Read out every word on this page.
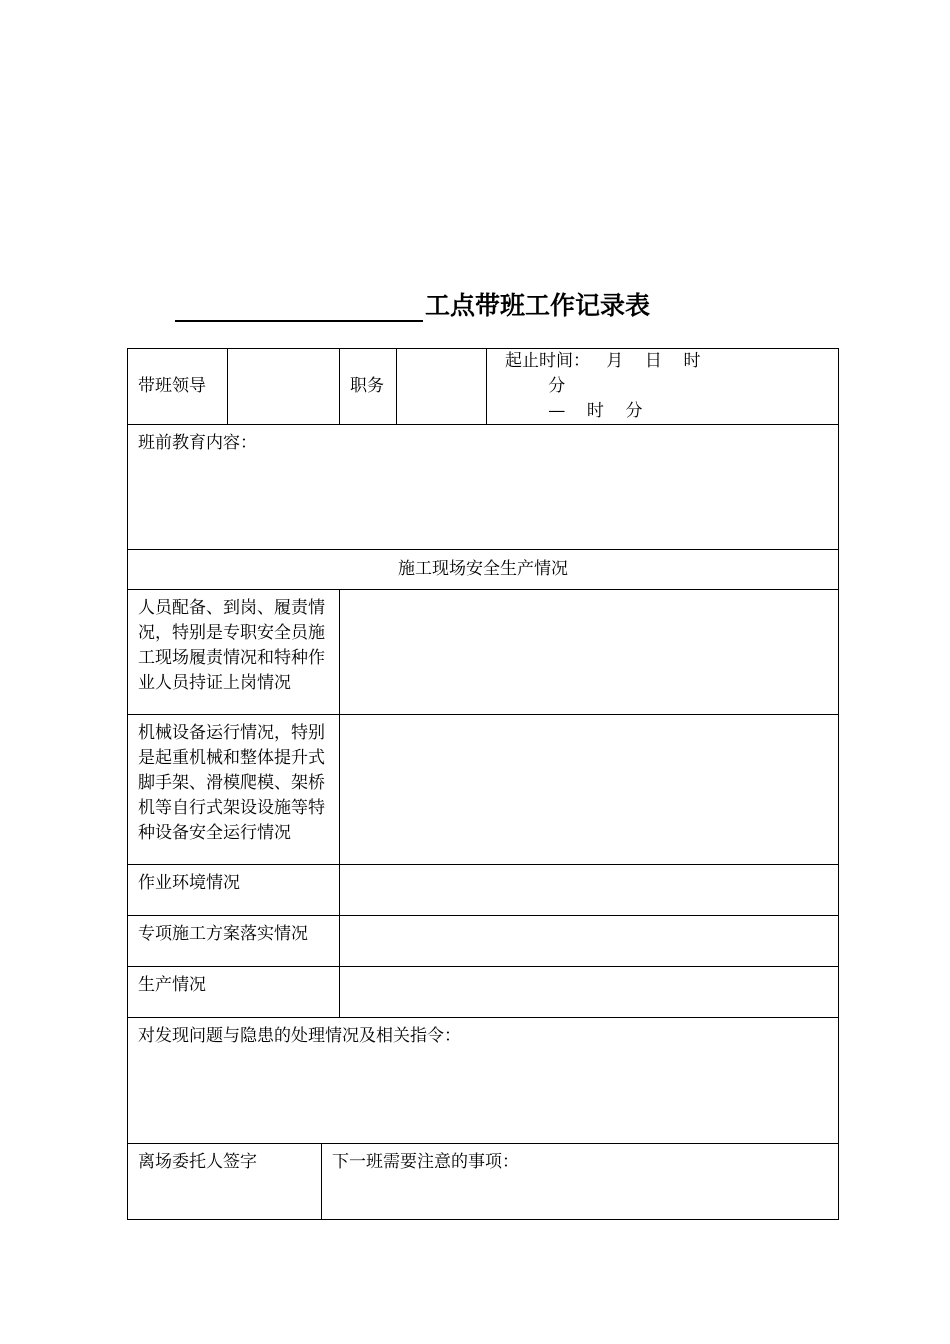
工点带班工作记录表
带班领导			职务		起止时间：   月    日    时
分
—    时    分

班前教育内容：					
施工现场安全生产情况					
人员配备、到岗、履责情况，特别是专职安全员施工现场履责情况和特种作业人员持证上岗情况					
机械设备运行情况，特别是起重机械和整体提升式脚手架、滑模爬模、架桥机等自行式架设设施等特种设备安全运行情况					
作业环境情况					
专项施工方案落实情况					
生产情况					
对发现问题与隐患的处理情况及相关指令：					
离场委托人签字		下一班需要注意的事项：			
